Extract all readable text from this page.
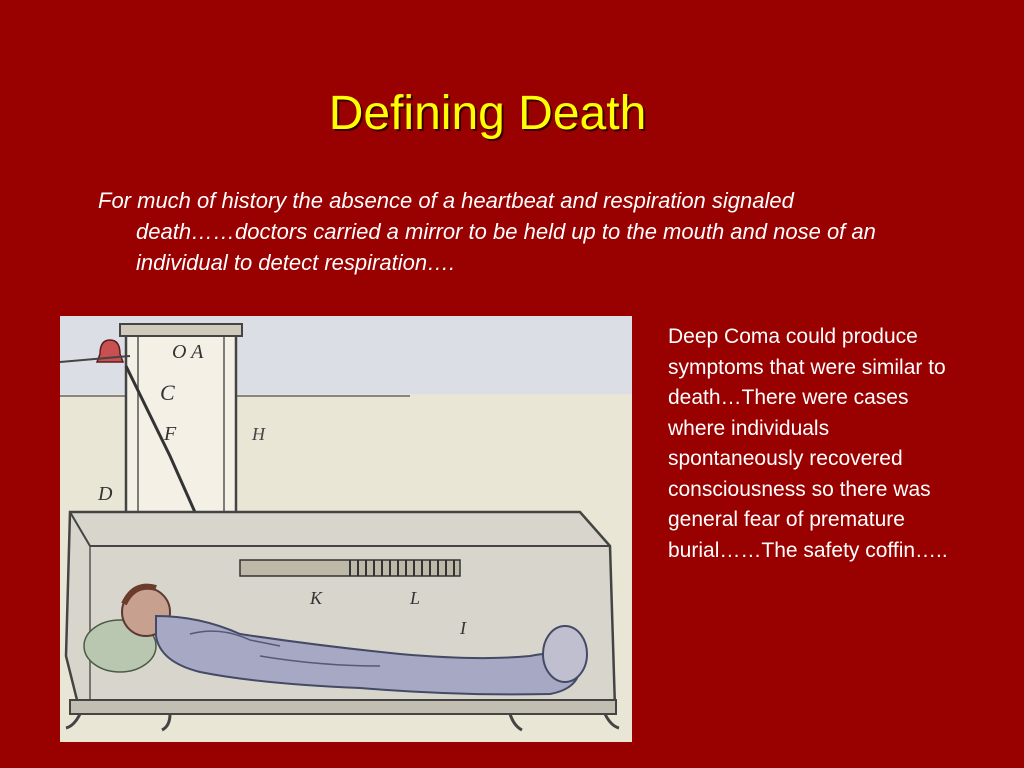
Defining Death
For much of history the absence of a heartbeat and respiration signaled death……doctors carried a mirror to be held up to the mouth and nose of an individual to detect respiration….
O A
C
F	H
D
K	L
I
Deep Coma could produce symptoms that were similar to death…There were cases where individuals spontaneously recovered consciousness so there was general fear of premature burial……The safety coffin…..
